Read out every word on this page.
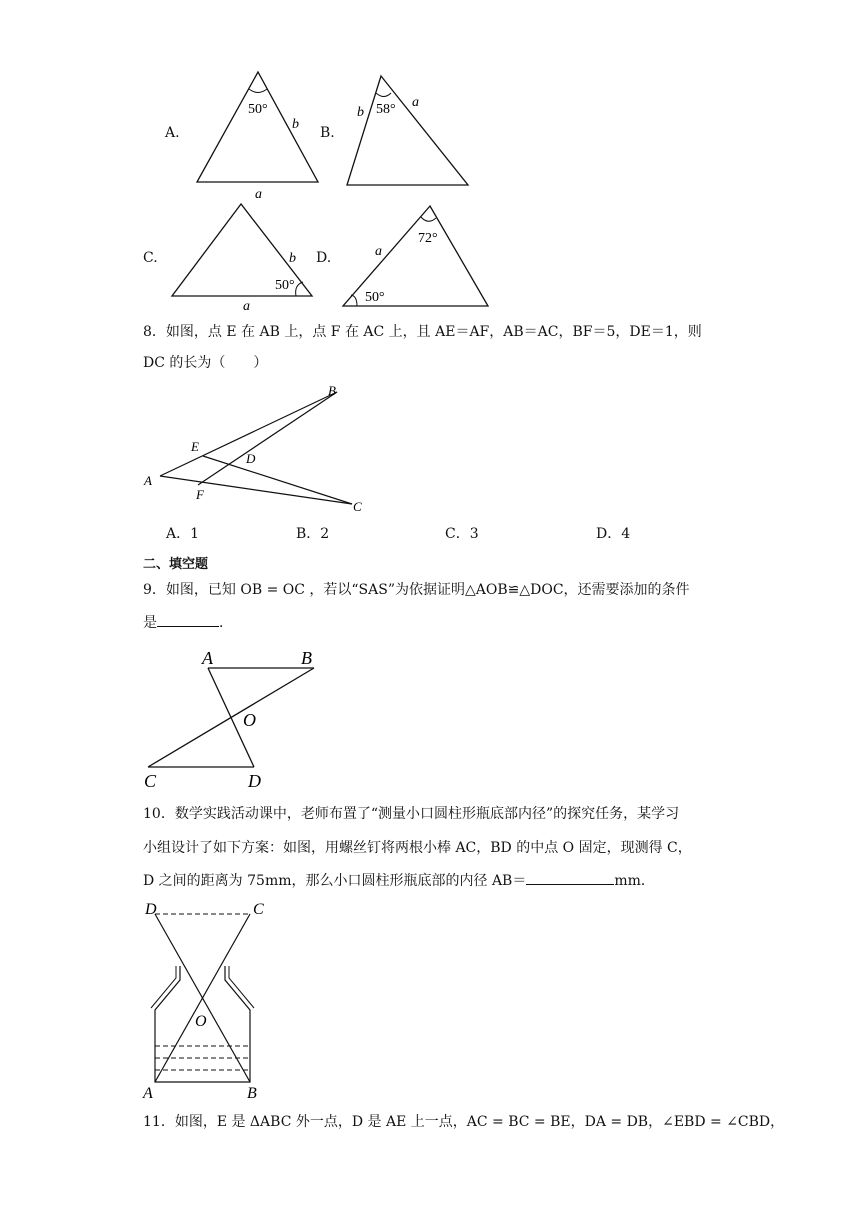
A.
50°
b
a
B.
58°
b
a
C.
50°
b
a
D.
72°
50°
a
8．如图，点 E 在 AB 上，点 F 在 AC 上，且 AE＝AF，AB＝AC，BF＝5，DE＝1，则
DC 的长为（　　）
B
E
D
A
F
C
A．1	B．2	C．3	D．4
二、填空题
9．如图，已知 OB = OC ，若以“SAS”为依据证明△AOB≌△DOC，还需要添加的条件
是	．
A	B
O
C	D
10．数学实践活动课中，老师布置了“测量小口圆柱形瓶底部内径”的探究任务，某学习
小组设计了如下方案：如图，用螺丝钉将两根小棒 AC，BD 的中点 O 固定，现测得 C，
D 之间的距离为 75mm，那么小口圆柱形瓶底部的内径 AB＝	mm．
D	C
O
A	B
11．如图，E 是 ΔABC 外一点，D 是 AE 上一点，AC = BC = BE，DA = DB，∠EBD = ∠CBD，
